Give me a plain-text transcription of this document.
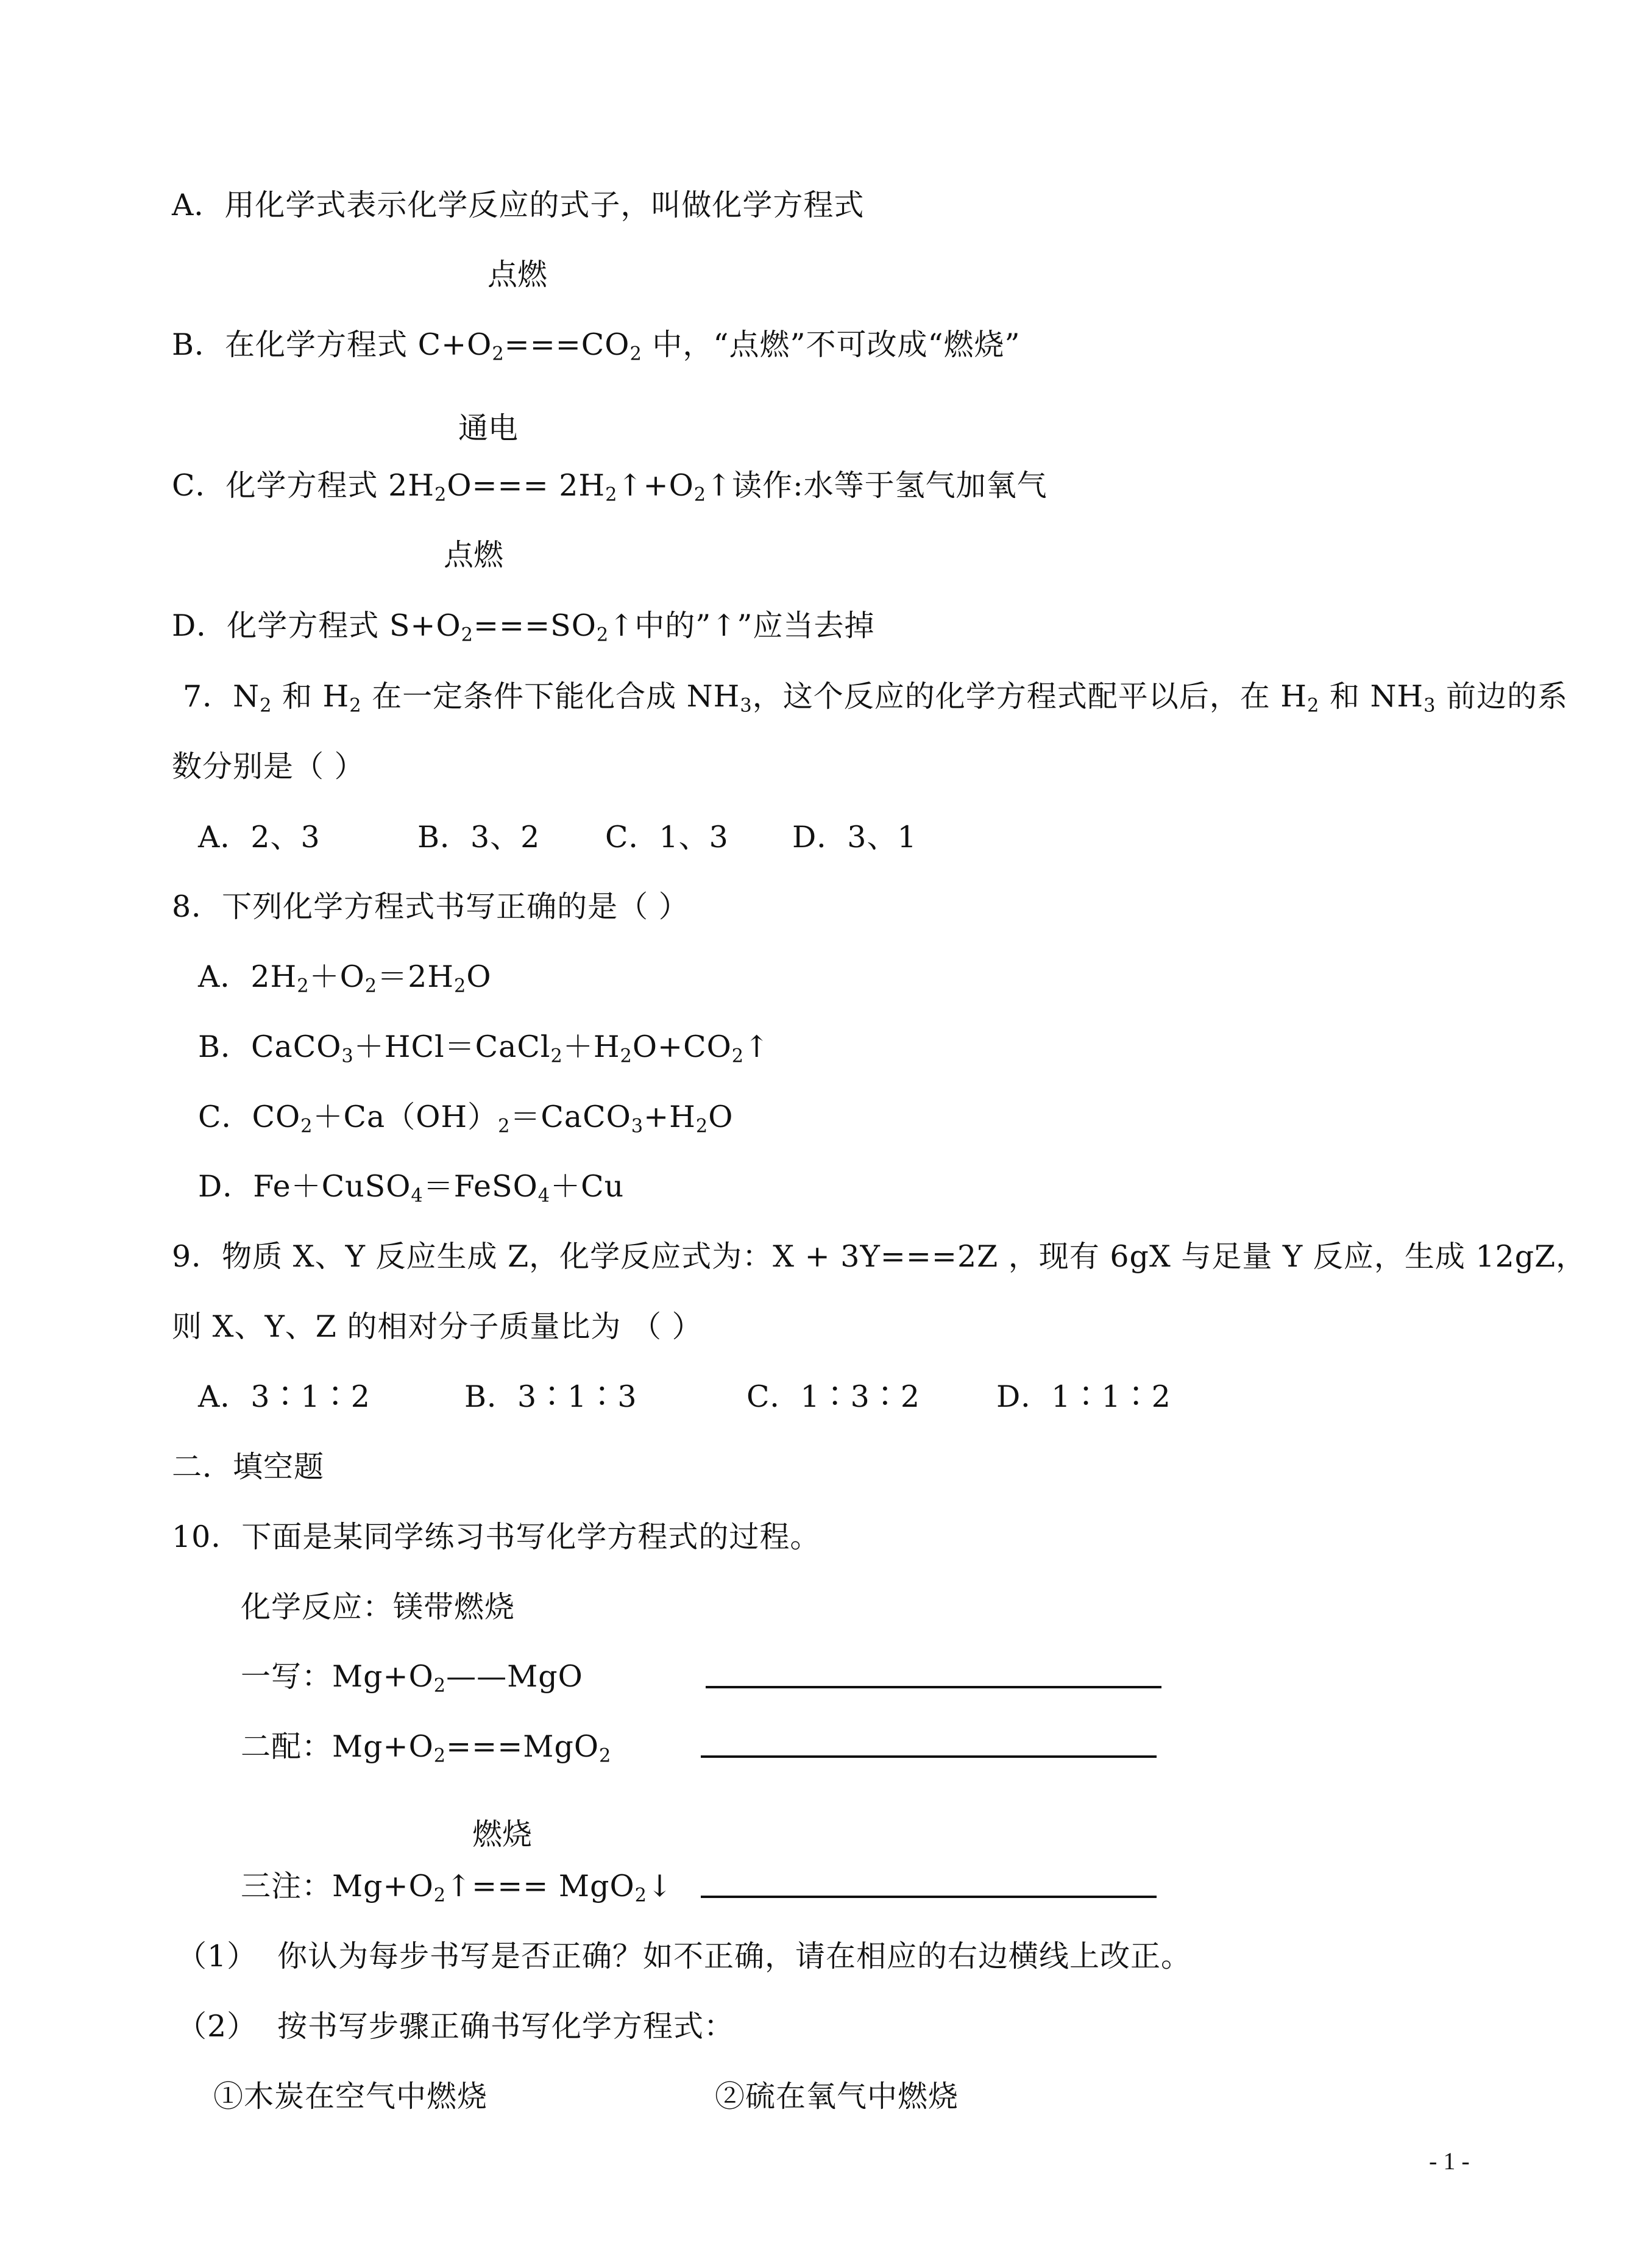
A．用化学式表示化学反应的式子，叫做化学方程式
点燃
B．在化学方程式 $C+O_2===CO_2$ 中，“点燃”不可改成“燃烧”
通电
C．化学方程式 $2H_2O===$ $2H_2↑+O_2↑$读作:水等于氢气加氧气
点燃
D．化学方程式 $S+O_2===SO_2↑$中的”↑”应当去掉
7．$N_2$ 和 $H_2$ 在一定条件下能化合成 $NH_3$，这个反应的化学方程式配平以后，在 $H_2$ 和 $NH_3$ 前边的系
数分别是（ ）
A．2、3	B．3、2 C．1、3 D．3、1
8．下列化学方程式书写正确的是（ ）
A．$2H_2+O_2=2H_2O$
B．$CaCO_3+HCl=CaCl_2+H_2O+CO_2↑$
C．$CO_2+Ca(OH)_2=CaCO_3+H_2O$
D．Fe＋CuSO$_4$＝FeSO$_4$＋Cu
9．物质 X、Y 反应生成 Z，化学反应式为：X + 3Y===2Z ，现有 6gX 与足量 Y 反应，生成 12gZ，
则 X、Y、Z 的相对分子质量比为 （ ）
A．3∶1∶2	B．3∶1∶3	C．1∶3∶2	D．1∶1∶2
二．填空题
10．下面是某同学练习书写化学方程式的过程。
化学反应：镁带燃烧
一写：$Mg+O_2——MgO$
二配：$Mg+O_2===MgO_2$
燃烧
三注：$Mg+O_2↑===$ MgO$_2$↓
（1） 你认为每步书写是否正确？如不正确，请在相应的右边横线上改正。
（2） 按书写步骤正确书写化学方程式：
①木炭在空气中燃烧	②硫在氧气中燃烧
- 1 -
